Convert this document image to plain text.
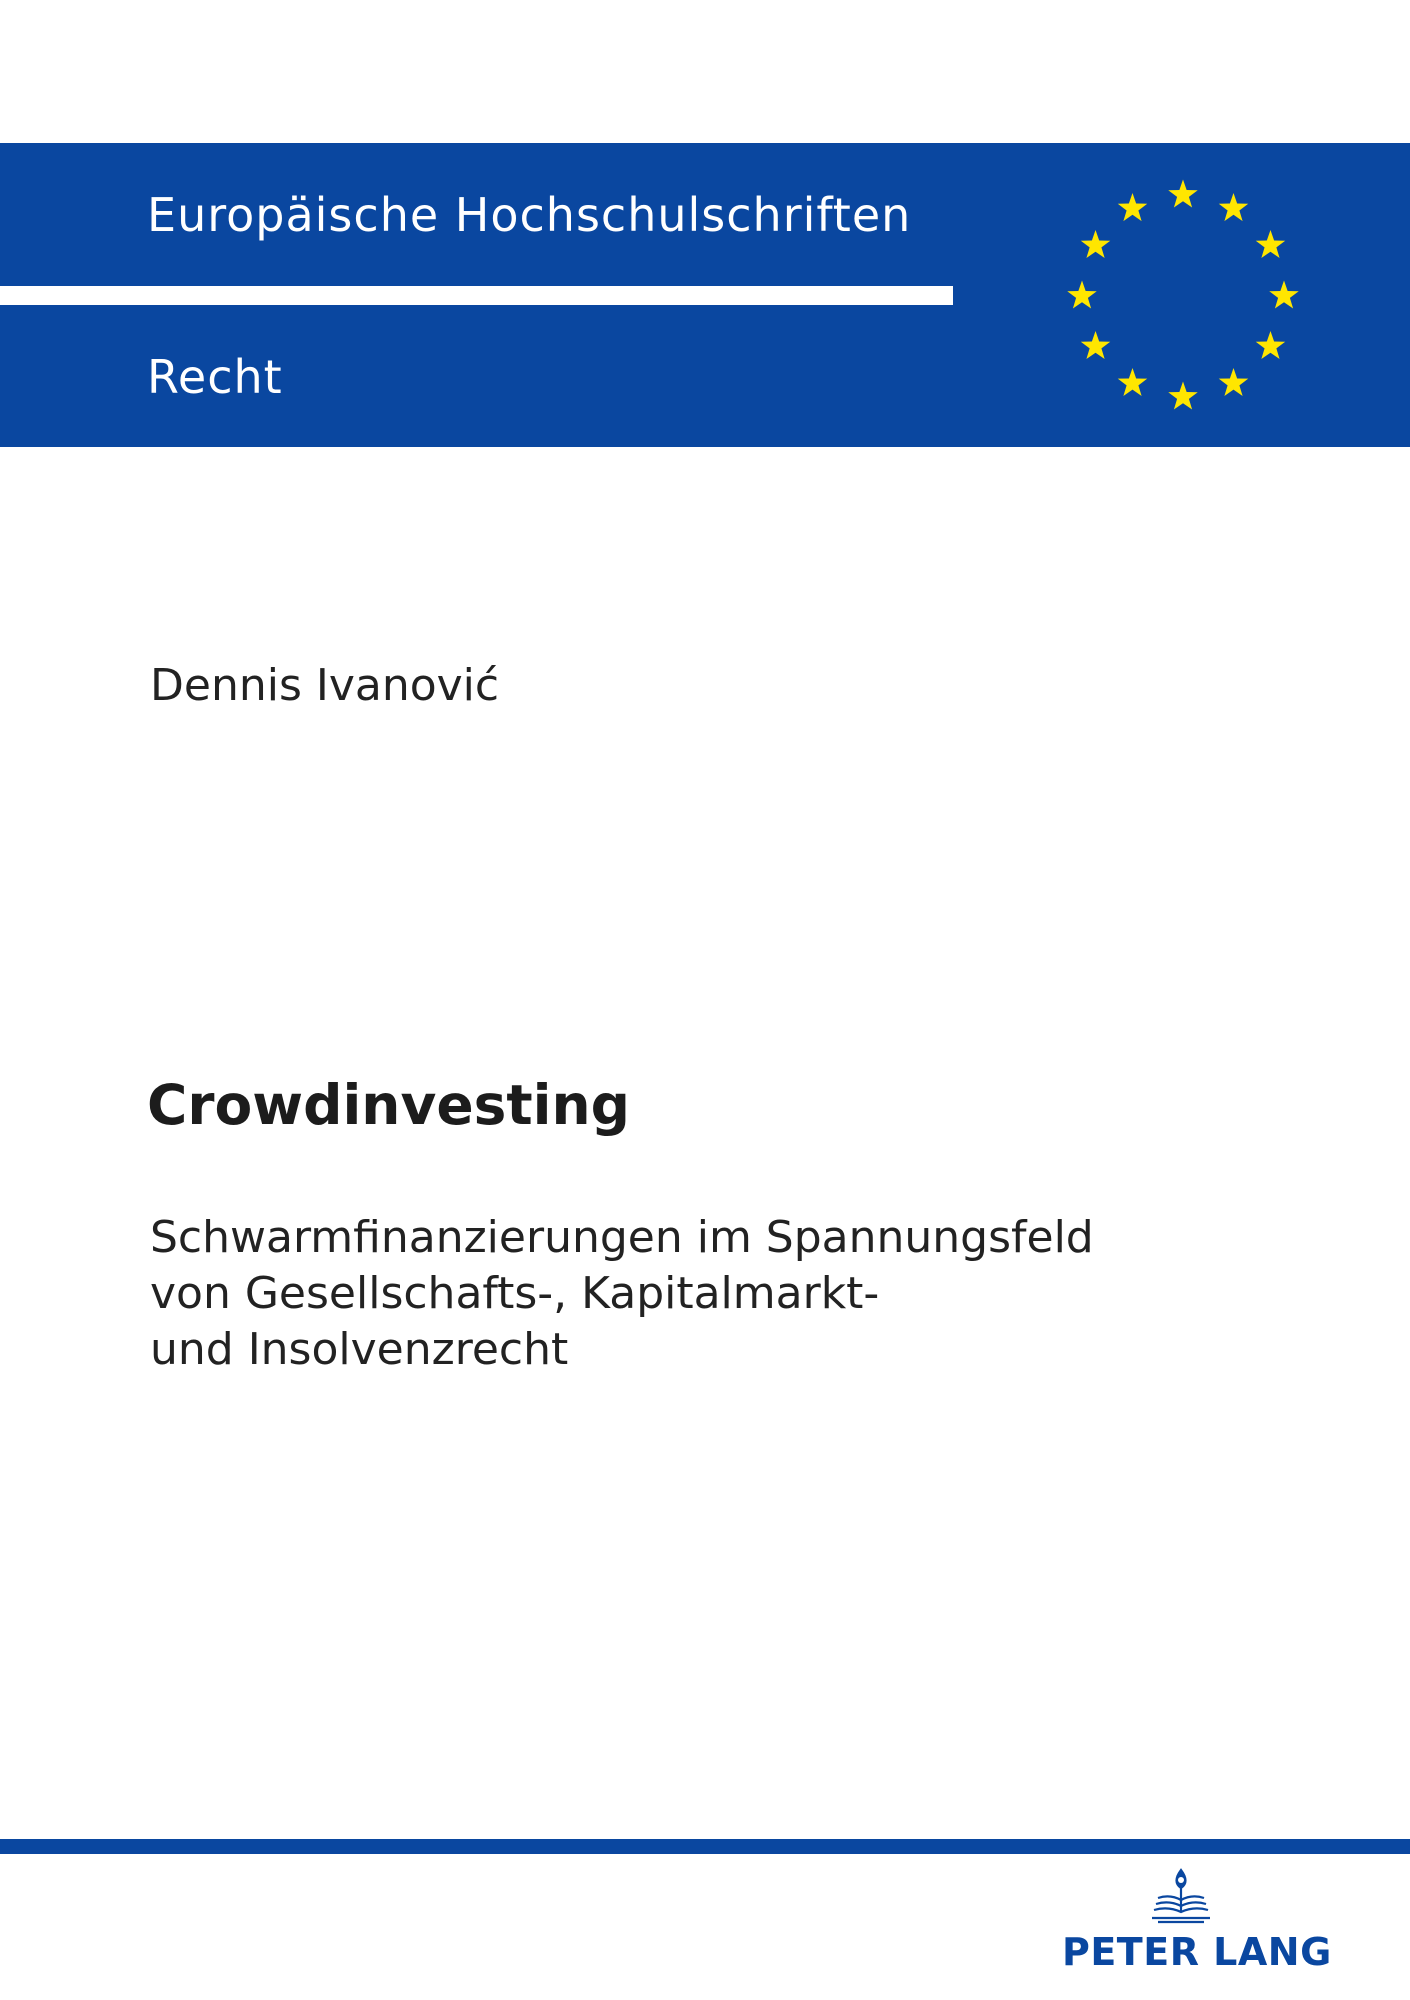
Europäische Hochschulschriften
Recht
Dennis Ivanović
Crowdinvesting
Schwarmfinanzierungen im Spannungsfeld
von Gesellschafts-, Kapitalmarkt-
und Insolvenzrecht
PETER LANG
